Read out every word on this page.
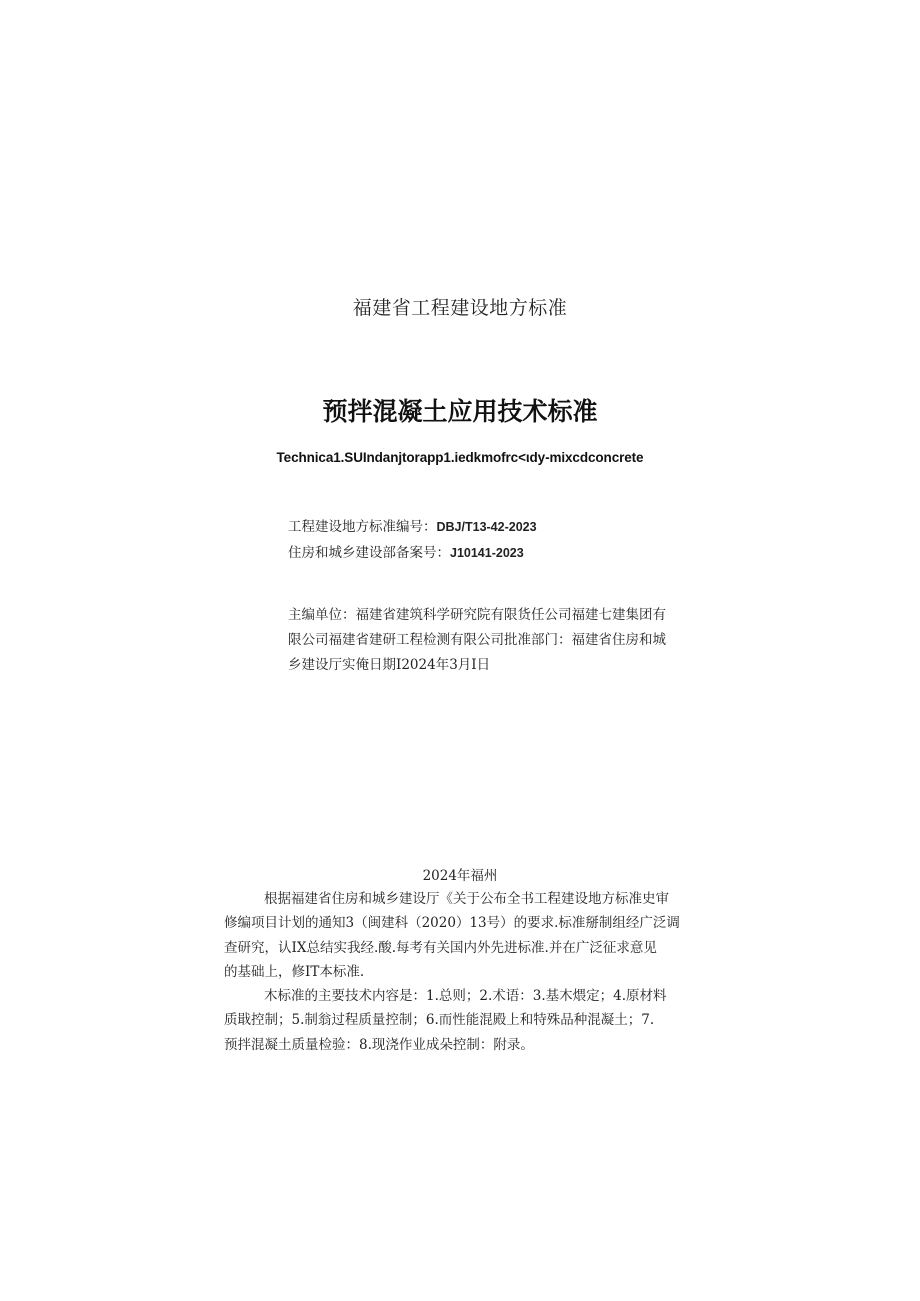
福建省工程建设地方标准
预拌混凝土应用技术标准
Technica1.SUIndanjtorapp1.iedkmofrc<ιdy-mixcdconcrete
工程建设地方标准编号：DBJ/T13-42-2023
住房和城乡建设部备案号：J10141-2023
主编单位：福建省建筑科学研究院有限货任公司福建七建集团有
限公司福建省建研工程检测有限公司批准部门：福建省住房和城
乡建设厅实俺日期I2024年3月I日
2024年福州
根据福建省住房和城乡建设厅《关于公布全书工程建设地方标准史审
修编项目计划的通知3（闽建科（2020）13号）的要求.标准掰制组经广泛调
查研究，认IX总结实我经.酸.每考有关国内外先进标准.并在广泛征求意见
的基础上，修IT本标准.
木标准的主要技术内容是：1.总则；2.术语：3.基木煨定；4.原材料
质戢控制；5.制翁过程质量控制；6.而性能混殿上和特殊品种混凝土；7.
预拌混凝土质量检验：8.现浇作业成朵控制：附录。
